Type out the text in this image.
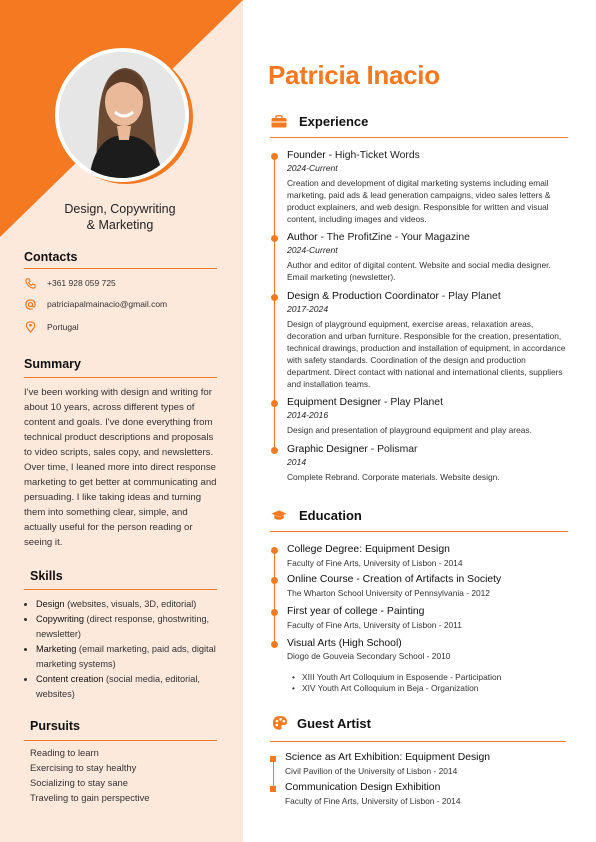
Design, Copywriting
& Marketing
Contacts
+361 928 059 725
patriciapalmainacio@gmail.com
Portugal
Summary
I've been working with design and writing for about 10 years, across different types of content and goals. I've done everything from technical product descriptions and proposals to video scripts, sales copy, and newsletters. Over time, I leaned more into direct response marketing to get better at communicating and persuading. I like taking ideas and turning them into something clear, simple, and actually useful for the person reading or seeing it.
Skills
• Design (websites, visuals, 3D, editorial)
• Copywriting (direct response, ghostwriting, newsletter)
• Marketing (email marketing, paid ads, digital marketing systems)
• Content creation (social media, editorial, websites)
Pursuits
Reading to learn
Exercising to stay healthy
Socializing to stay sane
Traveling to gain perspective
Patricia Inacio
Experience
Founder - High-Ticket Words
2024-Current
Creation and development of digital marketing systems including email marketing, paid ads & lead generation campaigns, video sales letters & product explainers, and web design. Responsible for written and visual content, including images and videos.
Author - The ProfitZine - Your Magazine
2024-Current
Author and editor of digital content. Website and social media designer. Email marketing (newsletter).
Design & Production Coordinator - Play Planet
2017-2024
Design of playground equipment, exercise areas, relaxation areas, decoration and urban furniture. Responsible for the creation, presentation, technical drawings, production and installation of equipment, in accordance with safety standards. Coordination of the design and production department. Direct contact with national and international clients, suppliers and installation teams.
Equipment Designer - Play Planet
2014-2016
Design and presentation of playground equipment and play areas.
Graphic Designer - Polismar
2014
Complete Rebrand. Corporate materials. Website design.
Education
College Degree: Equipment Design
Faculty of Fine Arts, University of Lisbon - 2014
Online Course - Creation of Artifacts in Society
The Wharton School University of Pennsylvania - 2012
First year of college - Painting
Faculty of Fine Arts, University of Lisbon - 2011
Visual Arts (High School)
Diogo de Gouveia Secondary School - 2010
• XIII Youth Art Colloquium in Esposende - Participation
• XIV Youth Art Colloquium in Beja - Organization
Guest Artist
Science as Art Exhibition: Equipment Design
Civil Pavilion of the University of Lisbon - 2014
Communication Design Exhibition
Faculty of Fine Arts, University of Lisbon - 2014
